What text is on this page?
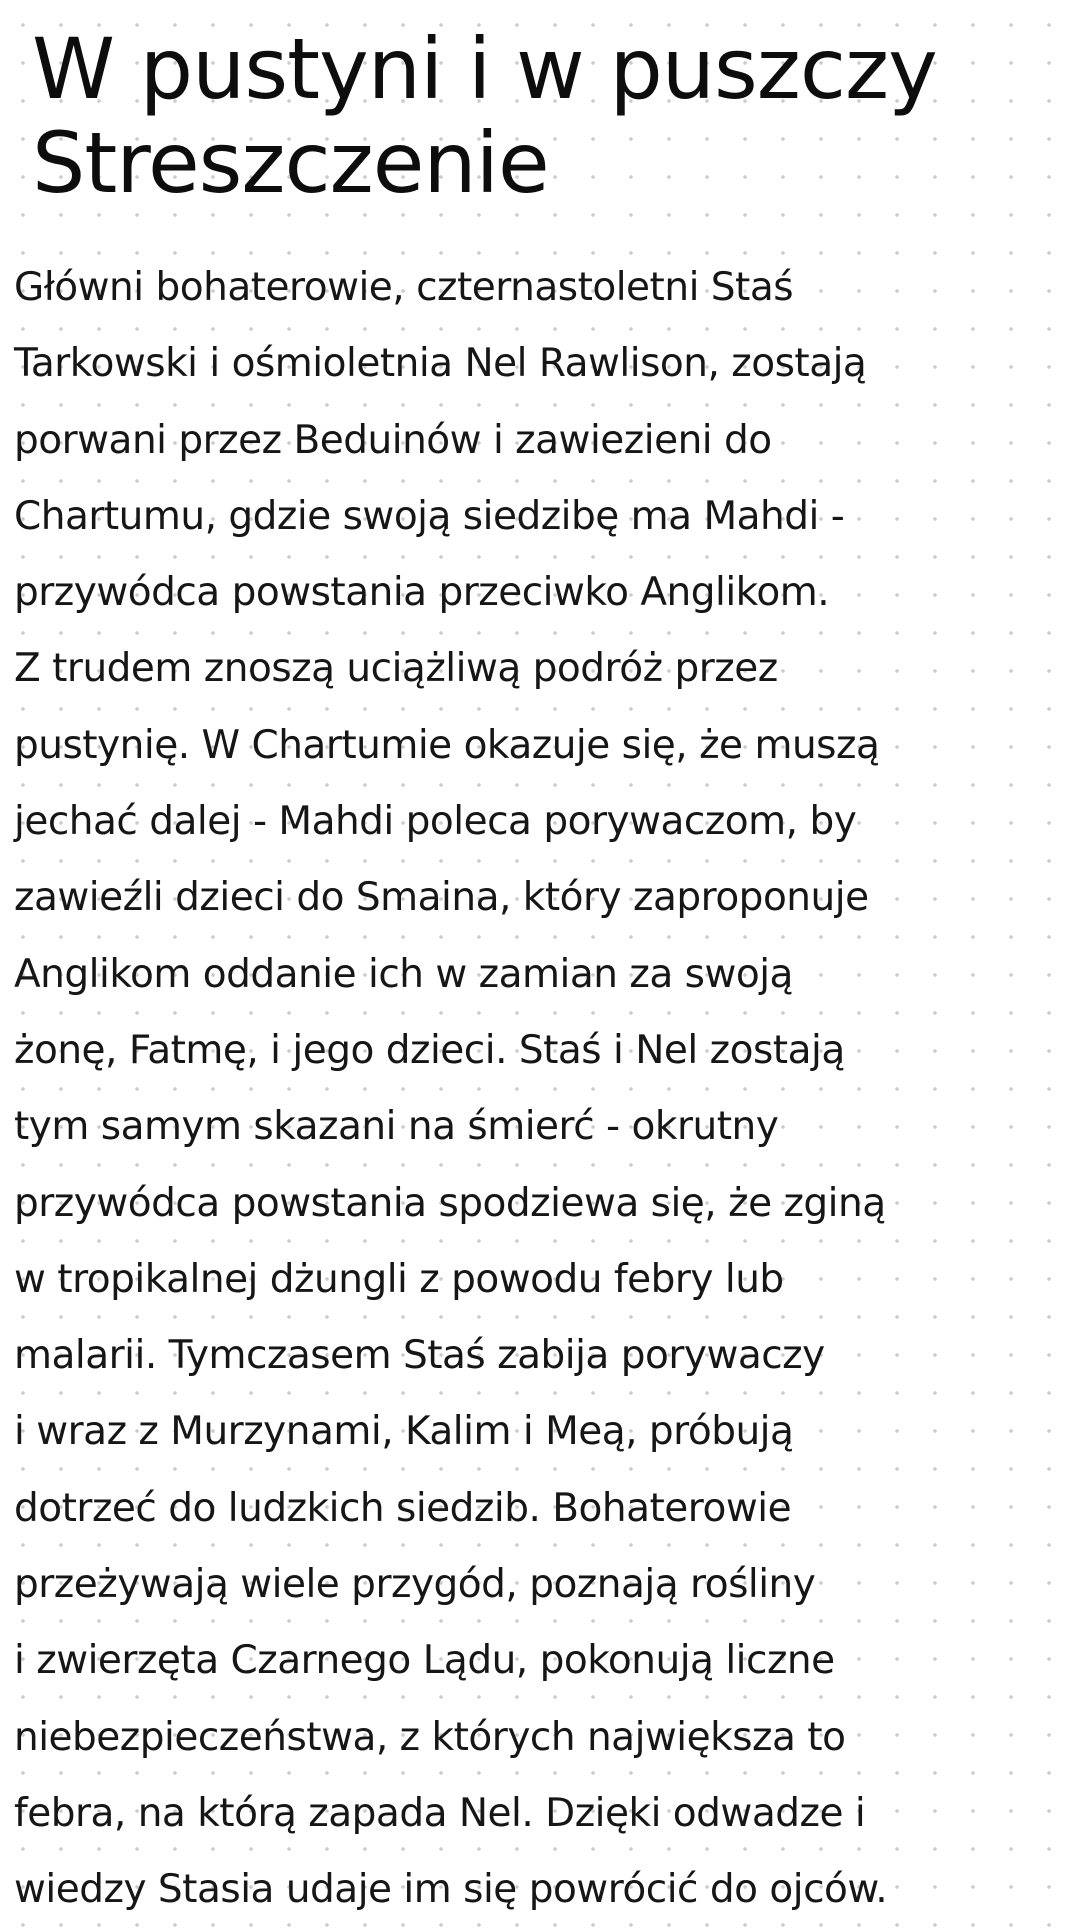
W pustyni i w puszczy
Streszczenie
Główni bohaterowie, czternastoletni Staś
Tarkowski i ośmioletnia Nel Rawlison, zostają
porwani przez Beduinów i zawiezieni do
Chartumu, gdzie swoją siedzibę ma Mahdi -
przywódca powstania przeciwko Anglikom.
Z trudem znoszą uciążliwą podróż przez
pustynię. W Chartumie okazuje się, że muszą
jechać dalej - Mahdi poleca porywaczom, by
zawieźli dzieci do Smaina, który zaproponuje
Anglikom oddanie ich w zamian za swoją
żonę, Fatmę, i jego dzieci. Staś i Nel zostają
tym samym skazani na śmierć - okrutny
przywódca powstania spodziewa się, że zginą
w tropikalnej dżungli z powodu febry lub
malarii. Tymczasem Staś zabija porywaczy
i wraz z Murzynami, Kalim i Meą, próbują
dotrzeć do ludzkich siedzib. Bohaterowie
przeżywają wiele przygód, poznają rośliny
i zwierzęta Czarnego Lądu, pokonują liczne
niebezpieczeństwa, z których największa to
febra, na którą zapada Nel. Dzięki odwadze i
wiedzy Stasia udaje im się powrócić do ojców.
